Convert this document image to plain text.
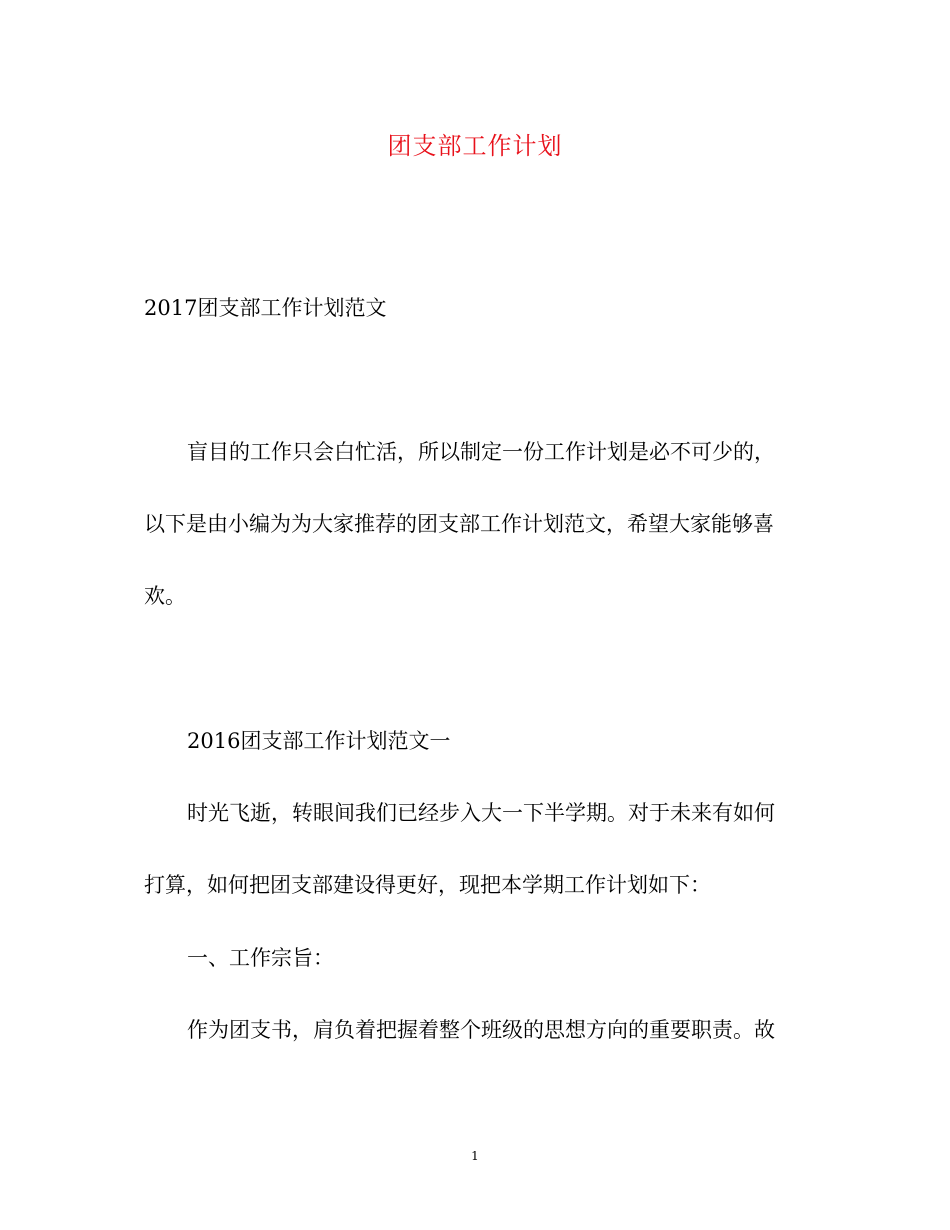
团支部工作计划
2017团支部工作计划范文
盲目的工作只会白忙活，所以制定一份工作计划是必不可少的，
以下是由小编为为大家推荐的团支部工作计划范文，希望大家能够喜
欢。
2016团支部工作计划范文一
时光飞逝，转眼间我们已经步入大一下半学期。对于未来有如何
打算，如何把团支部建设得更好，现把本学期工作计划如下：
一、工作宗旨：
作为团支书，肩负着把握着整个班级的思想方向的重要职责。故
1
